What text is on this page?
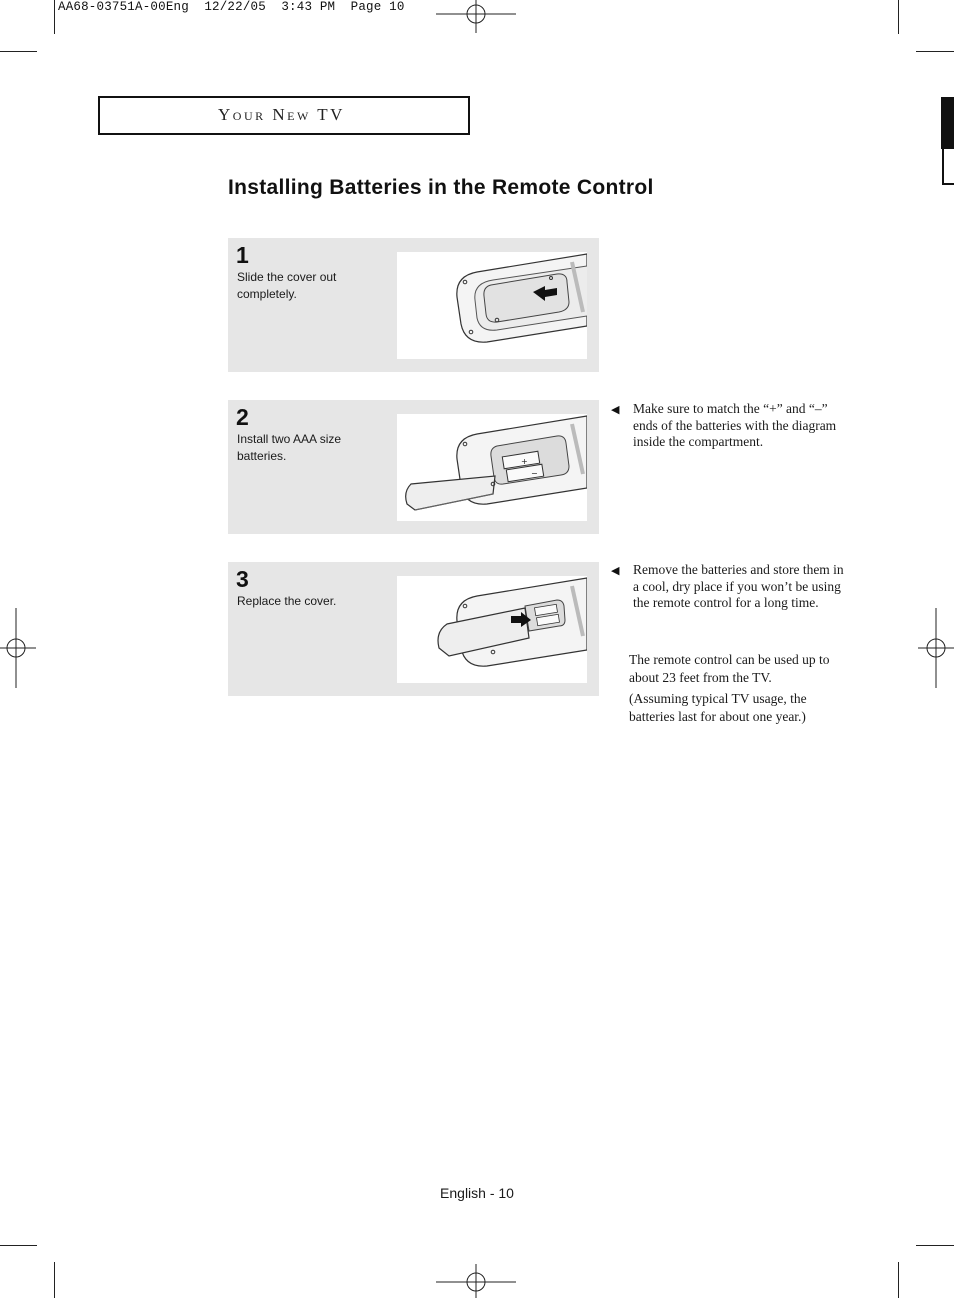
AA68-03751A-00Eng  12/22/05  3:43 PM  Page 10
Your New TV
Installing Batteries in the Remote Control
1
Slide the cover out completely.
2
Install two AAA size batteries.	+
−
3
Replace the cover.
◀ Make sure to match the “+” and “–” ends of the batteries with the diagram inside the compartment.
◀ Remove the batteries and store them in a cool, dry place if you won’t be using the remote control for a long time.
The remote control can be used up to about 23 feet from the TV.
(Assuming typical TV usage, the batteries last for about one year.)
English - 10
